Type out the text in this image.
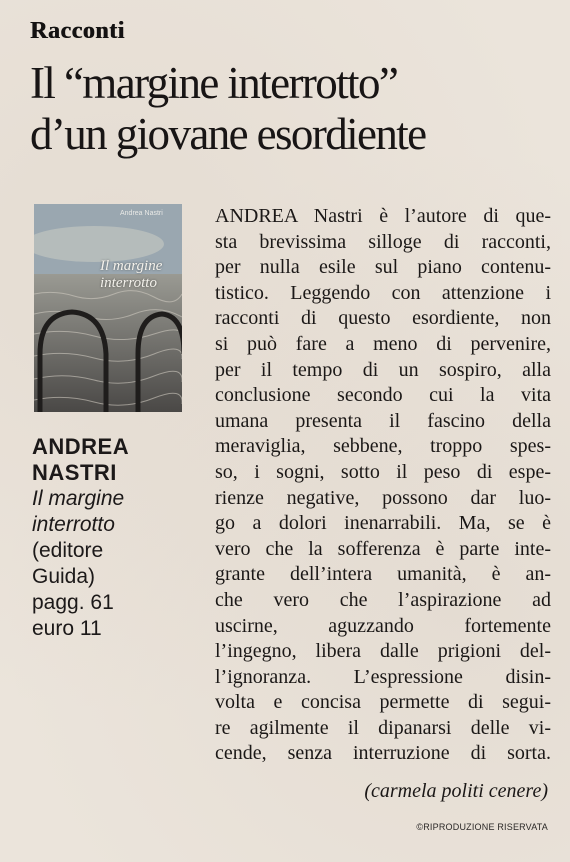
Racconti
Il “margine interrotto”
d’un giovane esordiente
Andrea Nastri
Il margine
interrotto
ANDREA
NASTRI
Il margine
interrotto
(editore
Guida)
pagg. 61
euro 11
ANDREA Nastri è l’autore di que-
sta brevissima silloge di racconti,
per nulla esile sul piano contenu-
tistico. Leggendo con attenzione i
racconti di questo esordiente, non
si può fare a meno di pervenire,
per il tempo di un sospiro, alla
conclusione secondo cui la vita
umana presenta il fascino della
meraviglia, sebbene, troppo spes-
so, i sogni, sotto il peso di espe-
rienze negative, possono dar luo-
go a dolori inenarrabili. Ma, se è
vero che la sofferenza è parte inte-
grante dell’intera umanità, è an-
che vero che l’aspirazione ad
uscirne, aguzzando fortemente
l’ingegno, libera dalle prigioni del-
l’ignoranza. L’espressione disin-
volta e concisa permette di segui-
re agilmente il dipanarsi delle vi-
cende, senza interruzione di sorta.
(carmela politi cenere)
©RIPRODUZIONE RISERVATA
